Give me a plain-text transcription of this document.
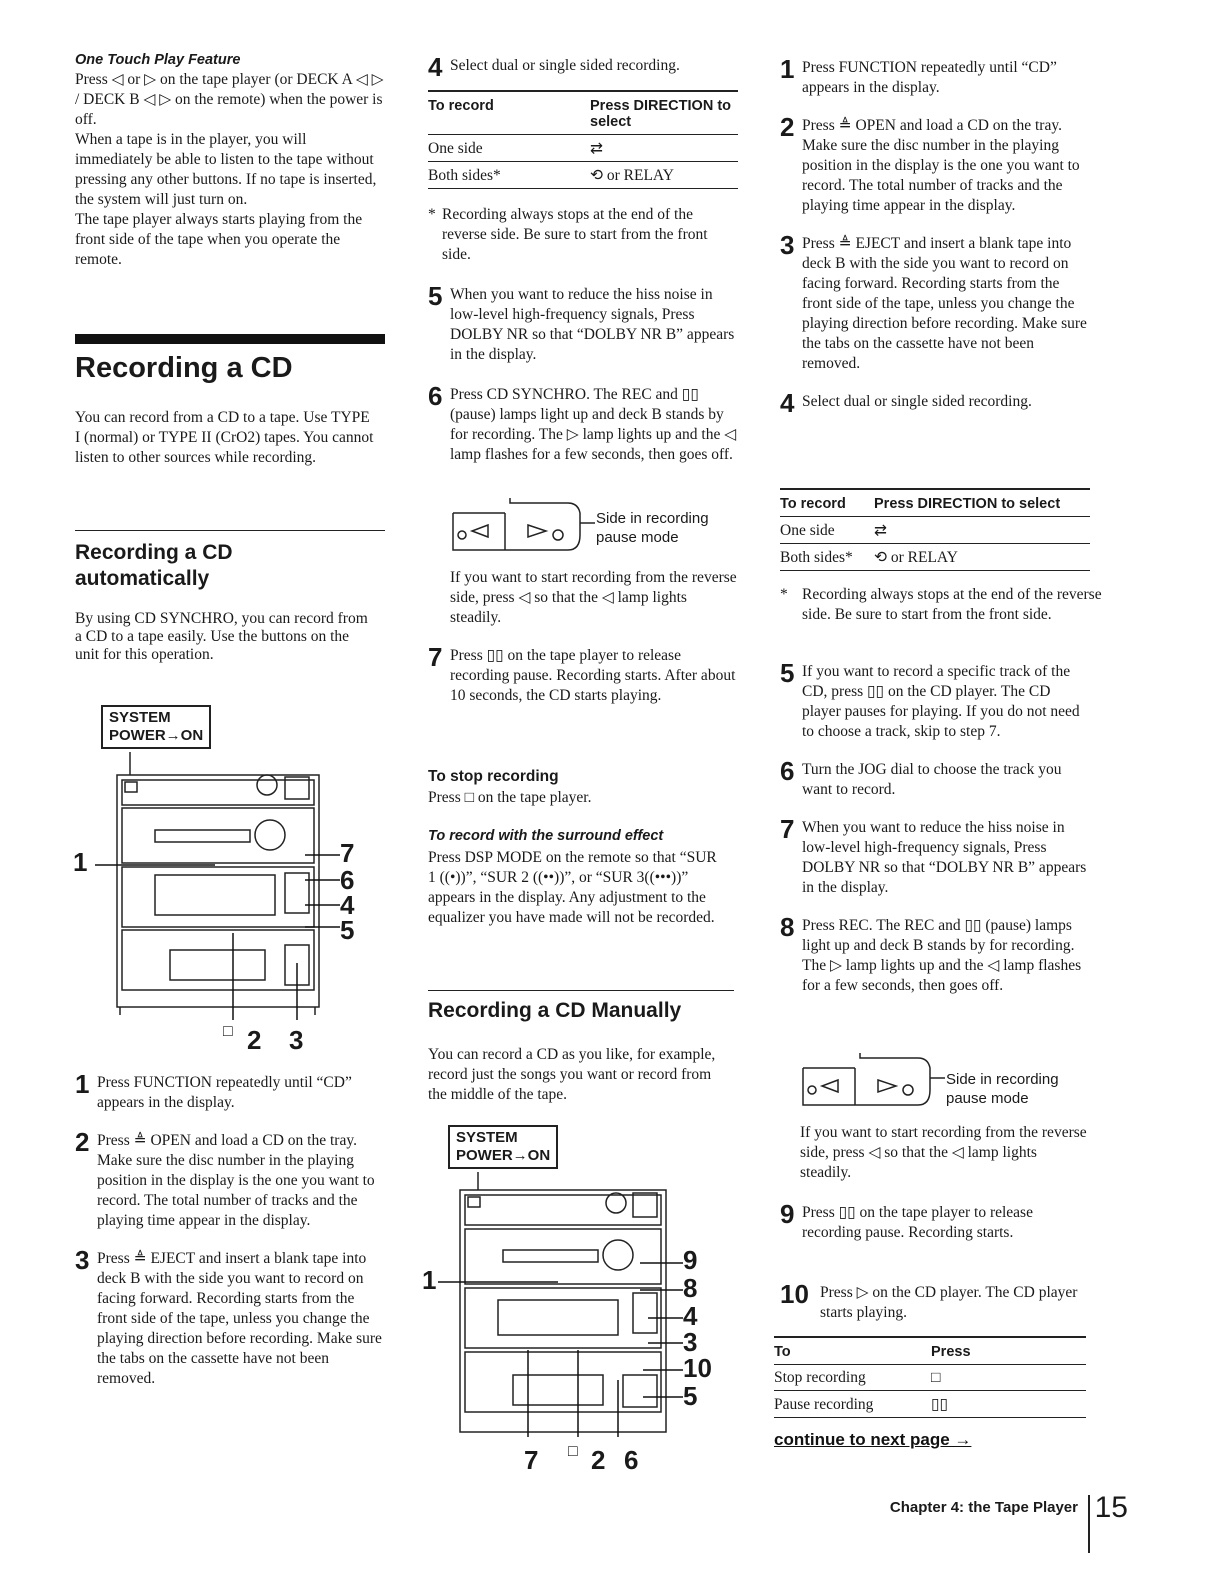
One Touch Play Feature

Press ◁ or ▷ on the tape player (or DECK A ◁ ▷ / DECK B ◁ ▷ on the remote) when the power is off.

When a tape is in the player, you will immediately be able to listen to the tape without pressing any other buttons. If no tape is inserted, the system will just turn on.

The tape player always starts playing from the front side of the tape when you operate the remote.

Recording a CD

You can record from a CD to a tape. Use TYPE I (normal) or TYPE II (CrO2) tapes. You cannot listen to other sources while recording.

Recording a CD automatically

By using CD SYNCHRO, you can record from a CD to a tape easily. Use the buttons on the unit for this operation.

SYSTEM
POWER→ON
1	7
6
4
5
□ 2 3
1 Press FUNCTION repeatedly until “CD” appears in the display.

2 Press ≜ OPEN and load a CD on the tray. Make sure the disc number in the playing position in the display is the one you want to record. The total number of tracks and the playing time appear in the display.

3 Press ≜ EJECT and insert a blank tape into deck B with the side you want to record on facing forward. Recording starts from the front side of the tape, unless you change the playing direction before recording. Make sure the tabs on the cassette have not been removed.

4 Select dual or single sided recording.

To record	Press DIRECTION to select
One side	⇄
Both sides*	⟲ or RELAY
* Recording always stops at the end of the reverse side. Be sure to start from the front side.
5 When you want to reduce the hiss noise in low-level high-frequency signals, Press DOLBY NR so that “DOLBY NR B” appears in the display.

6 Press CD SYNCHRO. The REC and ▯▯ (pause) lamps light up and deck B stands by for recording. The ▷ lamp lights up and the ◁ lamp flashes for a few seconds, then goes off.

Side in recording pause mode

If you want to start recording from the reverse side, press ◁ so that the ◁ lamp lights steadily.

7 Press ▯▯ on the tape player to release recording pause. Recording starts. After about 10 seconds, the CD starts playing.

To stop recording

Press □ on the tape player.

To record with the surround effect

Press DSP MODE on the remote so that “SUR 1 ((•))”, “SUR 2 ((••))”, or “SUR 3((•••))” appears in the display. Any adjustment to the equalizer you have made will not be recorded.

Recording a CD Manually

You can record a CD as you like, for example, record just the songs you want or record from the middle of the tape.

SYSTEM
POWER→ON
1
9
8
4
3
10
5
7 □ 2 6
1 Press FUNCTION repeatedly until “CD” appears in the display.

2 Press ≜ OPEN and load a CD on the tray. Make sure the disc number in the playing position in the display is the one you want to record. The total number of tracks and the playing time appear in the display.

3 Press ≜ EJECT and insert a blank tape into deck B with the side you want to record on facing forward. Recording starts from the front side of the tape, unless you change the playing direction before recording. Make sure the tabs on the cassette have not been removed.

4 Select dual or single sided recording.

To record	Press DIRECTION to select
One side	⇄
Both sides*	⟲ or RELAY
* Recording always stops at the end of the reverse side. Be sure to start from the front side.
5 If you want to record a specific track of the CD, press ▯▯ on the CD player. The CD player pauses for playing. If you do not need to choose a track, skip to step 7.

6 Turn the JOG dial to choose the track you want to record.

7 When you want to reduce the hiss noise in low-level high-frequency signals, Press DOLBY NR so that “DOLBY NR B” appears in the display.

8 Press REC. The REC and ▯▯ (pause) lamps light up and deck B stands by for recording. The ▷ lamp lights up and the ◁ lamp flashes for a few seconds, then goes off.

Side in recording pause mode

If you want to start recording from the reverse side, press ◁ so that the ◁ lamp lights steadily.

9 Press ▯▯ on the tape player to release recording pause. Recording starts.

10 Press ▷ on the CD player. The CD player starts playing.

To	Press
Stop recording	□
Pause recording	▯▯
continue to next page →
Chapter 4: the Tape Player 15
